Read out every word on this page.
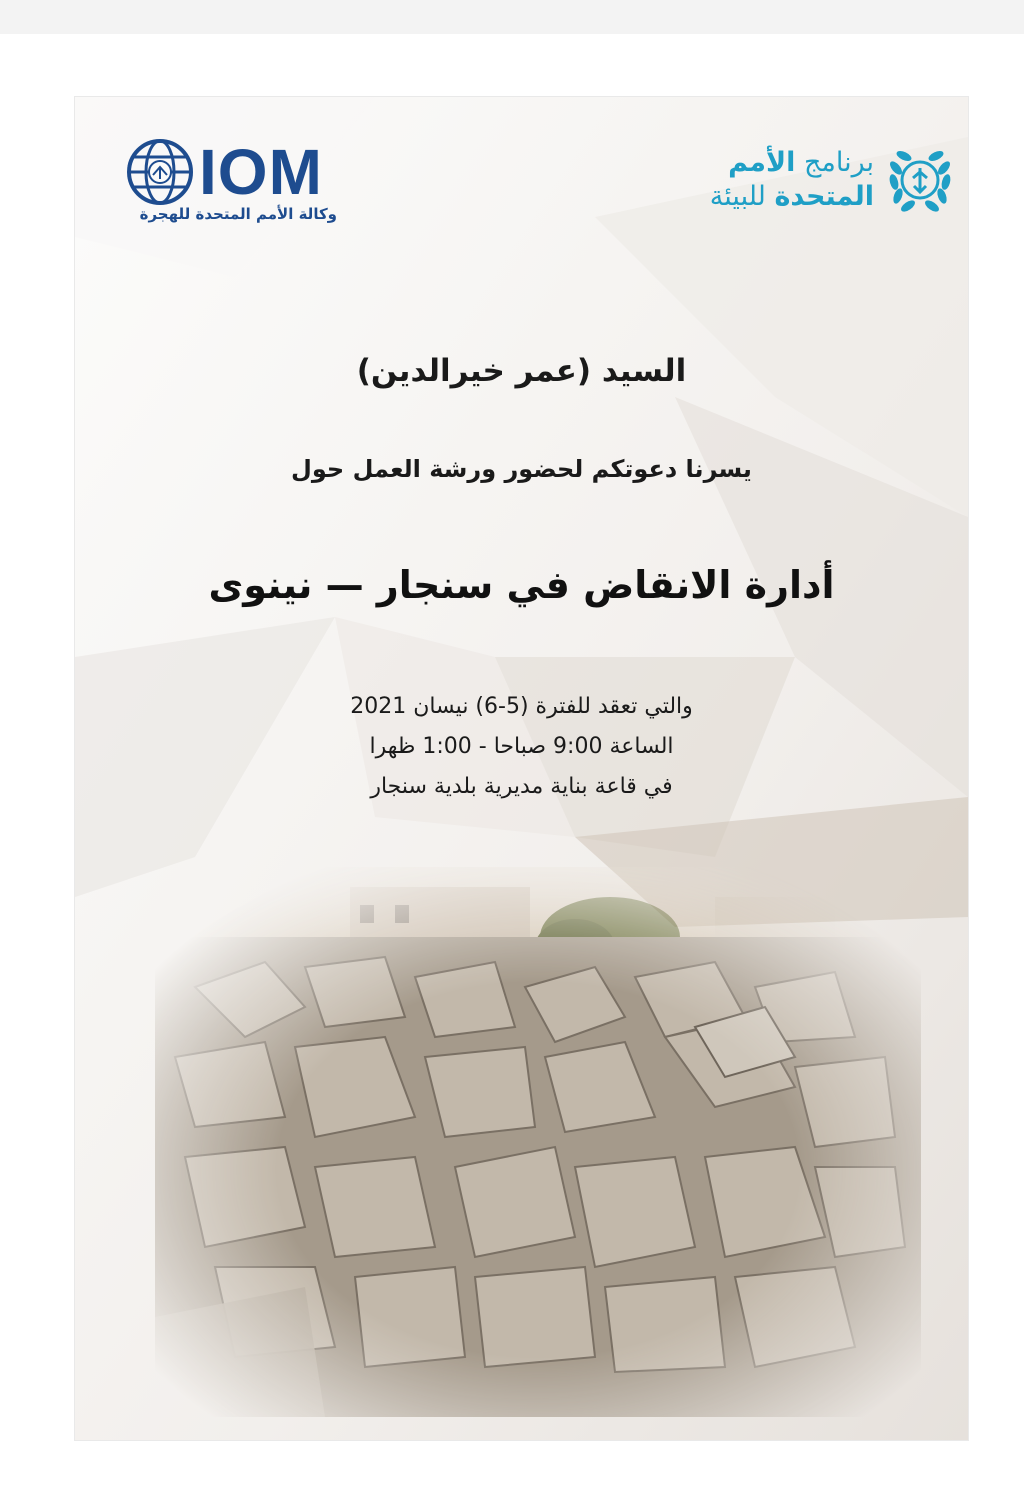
IOM
وكالة الأمم المتحدة للهجرة
برنامج الأمم
المتحدة للبيئة
السيد (عمر خيرالدين)
يسرنا دعوتكم لحضور ورشة العمل حول
أدارة الانقاض في سنجار — نينوى
والتي تعقد للفترة (5-6) نيسان 2021
الساعة 9:00 صباحا - 1:00 ظهرا
في قاعة بناية مديرية بلدية سنجار
